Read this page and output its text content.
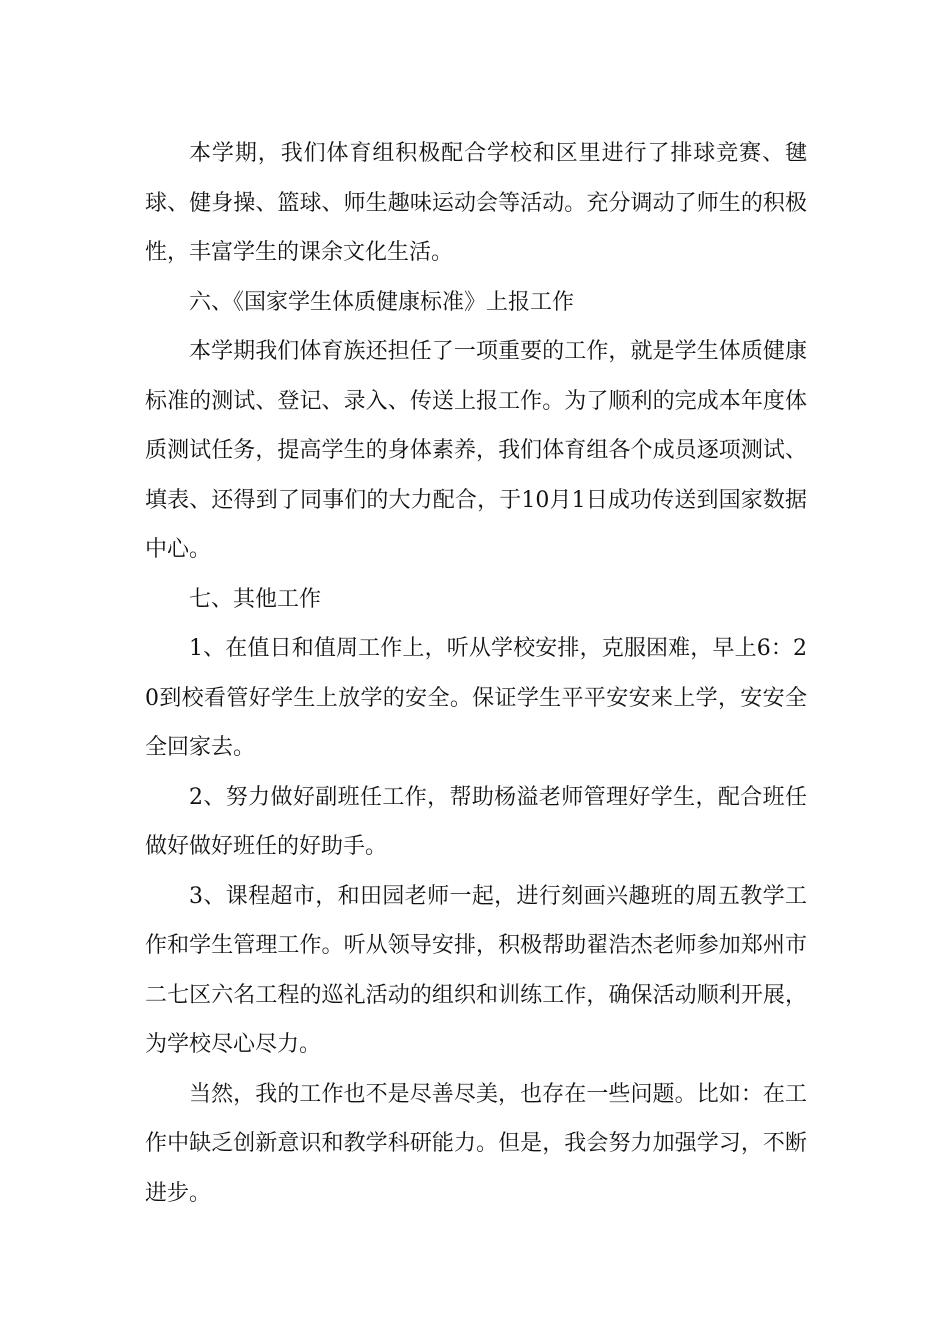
本学期，我们体育组积极配合学校和区里进行了排球竞赛、毽球、健身操、篮球、师生趣味运动会等活动。充分调动了师生的积极性，丰富学生的课余文化生活。

六、《国家学生体质健康标准》上报工作

本学期我们体育族还担任了一项重要的工作，就是学生体质健康标准的测试、登记、录入、传送上报工作。为了顺利的完成本年度体质测试任务，提高学生的身体素养，我们体育组各个成员逐项测试、填表、还得到了同事们的大力配合，于10月1日成功传送到国家数据中心。

七、其他工作

1、在值日和值周工作上，听从学校安排，克服困难，早上6：20到校看管好学生上放学的安全。保证学生平平安安来上学，安安全全回家去。

2、努力做好副班任工作，帮助杨溢老师管理好学生，配合班任做好做好班任的好助手。

3、课程超市，和田园老师一起，进行刻画兴趣班的周五教学工作和学生管理工作。听从领导安排，积极帮助翟浩杰老师参加郑州市二七区六名工程的巡礼活动的组织和训练工作，确保活动顺利开展，为学校尽心尽力。

当然，我的工作也不是尽善尽美，也存在一些问题。比如：在工作中缺乏创新意识和教学科研能力。但是，我会努力加强学习，不断进步。
